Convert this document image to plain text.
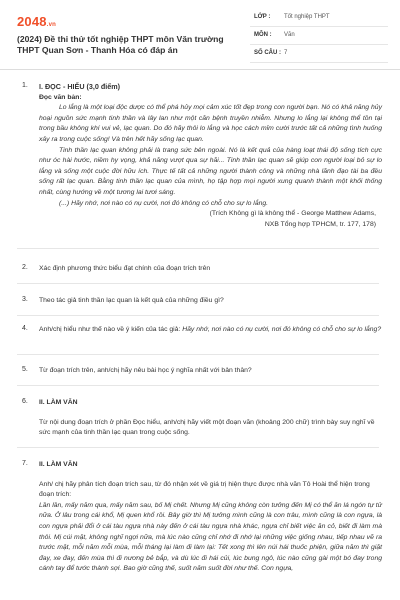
2048.vn
(2024) Đề thi thử tốt nghiệp THPT môn Văn trường THPT Quan Sơn - Thanh Hóa có đáp án
LỚP : Tốt nghiệp THPT
MÔN : Văn
SỐ CÂU : 7
1. I. ĐỌC - HIỂU (3,0 điểm)
Đọc văn bản:
Lo lắng là một loại độc dược có thể phá hủy mọi cảm xúc tốt đẹp trong con người bạn. Nó có khả năng hủy hoại nguồn sức mạnh tinh thần và lây lan như một căn bệnh truyền nhiễm. Nhưng lo lắng lại không thể tồn tại trong bầu không khí vui vẻ, lạc quan. Do đó hãy thôi lo lắng và học cách mỉm cười trước tất cả những tình huống xảy ra trong cuộc sống! Và trên hết hãy sống lạc quan.
Tinh thần lạc quan không phải là trang sức bên ngoài. Nó là kết quả của hàng loạt thái độ sống tích cực như óc hài hước, niềm hy vọng, khả năng vượt qua sự hãi... Tinh thần lạc quan sẽ giúp con người loại bỏ sự lo lắng và sống một cuộc đời hữu ích. Thực tế tất cả những người thành công và những nhà lãnh đạo tài ba đều sống rất lạc quan. Bằng tinh thần lạc quan của mình, họ tập hợp mọi người xung quanh thành một khối thống nhất, cùng hướng về một tương lai tươi sáng.
(...) Hãy nhớ, nơi nào có nụ cười, nơi đó không có chỗ cho sự lo lắng.
(Trích Không gì là không thể - George Matthew Adams,
NXB Tổng hợp TPHCM, tr. 177, 178)
2. Xác định phương thức biểu đạt chính của đoạn trích trên
3. Theo tác giả tinh thần lạc quan là kết quả của những điều gì?
4. Anh/chị hiểu như thế nào về ý kiến của tác giả: Hãy nhớ, nơi nào có nụ cười, nơi đó không có chỗ cho sự lo lắng?
5. Từ đoạn trích trên, anh/chị hãy nêu bài học ý nghĩa nhất với bản thân?
6. II. LÀM VĂN
Từ nội dung đoạn trích ở phần Đọc hiểu, anh/chị hãy viết một đoạn văn (khoảng 200 chữ) trình bày suy nghĩ về sức mạnh của tinh thần lạc quan trong cuộc sống.
7. II. LÀM VĂN
Anh/ chị hãy phân tích đoạn trích sau, từ đó nhận xét về giá trị hiện thực được nhà văn Tô Hoài thể hiện trong đoạn trích:
Lần lần, mấy năm qua, mấy năm sau, bố Mị chết. Nhưng Mị cũng không còn tưởng đến Mị có thể ăn lá ngón tự tử nữa. Ở lâu trong cái khổ, Mị quen khổ rồi. Bây giờ thì Mị tưởng mình cũng là con trâu, mình cũng là con ngựa, là con ngựa phải đổi ở cái tàu ngựa nhà này đến ở cái tàu ngựa nhà khác, ngựa chỉ biết việc ăn cỏ, biết đi làm mà thôi. Mị cúi mặt, không nghĩ ngợi nữa, mà lúc nào cũng chỉ nhớ đi nhớ lại những việc giống nhau, tiếp nhau vẽ ra trước mặt, mỗi năm mỗi mùa, mỗi tháng lại làm đi làm lại: Tết xong thì lên núi hái thuốc phiện, giữa năm thì giặt đay, xe đay, đến mùa thì đi nương bẻ bắp, và dù lúc đi hái củi, lúc bung ngô, lúc nào cũng gài một bó đay trong cánh tay để tước thành sợi. Bao giờ cũng thế, suốt năm suốt đời như thế. Con ngựa,
